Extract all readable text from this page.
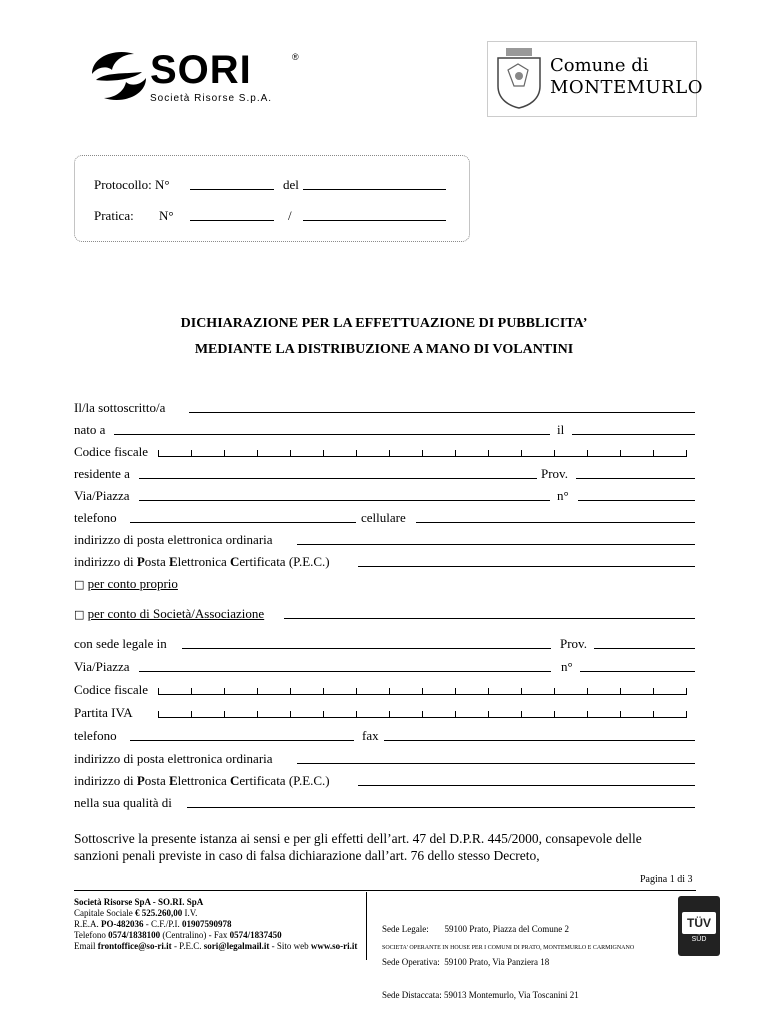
SORI	®
Società Risorse S.p.A.
Comune di
MONTEMURLO
Protocollo: N°	del
Pratica: N°	/
DICHIARAZIONE PER LA EFFETTUAZIONE DI PUBBLICITA’
MEDIANTE LA DISTRIBUZIONE A MANO DI VOLANTINI
Il/la sottoscritto/a
nato a	il
Codice fiscale
residente a	Prov.
Via/Piazza	n°
telefono	cellulare
indirizzo di posta elettronica ordinaria
indirizzo di Posta Elettronica Certificata (P.E.C.)
□ per conto proprio
□ per conto di Società/Associazione
con sede legale in	Prov.
Via/Piazza	n°
Codice fiscale
Partita IVA
telefono	fax
indirizzo di posta elettronica ordinaria
indirizzo di Posta Elettronica Certificata (P.E.C.)
nella sua qualità di
Sottoscrive la presente istanza ai sensi e per gli effetti dell’art. 47 del D.P.R. 445/2000, consapevole delle
sanzioni penali previste in caso di falsa dichiarazione dall’art. 76 dello stesso Decreto,
Pagina 1 di 3
Società Risorse SpA - SO.RI. SpA
Capitale Sociale € 525.260,00 I.V.
R.E.A. PO-482036 - C.F./P.I. 01907590978
Telefono 0574/1838100 (Centralino) - Fax 0574/1837450
Email frontoffice@so-ri.it - P.E.C. sori@legalmail.it - Sito web www.so-ri.it

Sede Legale:       59100 Prato, Piazza del Comune 2

Sede Operativa:  59100 Prato, Via Panziera 18

Sede Distaccata: 59013 Montemurlo, Via Toscanini 21

SOCIETA' OPERANTE IN HOUSE PER I COMUNI DI PRATO, MONTEMURLO E CARMIGNANO
TÜV
SÜD
